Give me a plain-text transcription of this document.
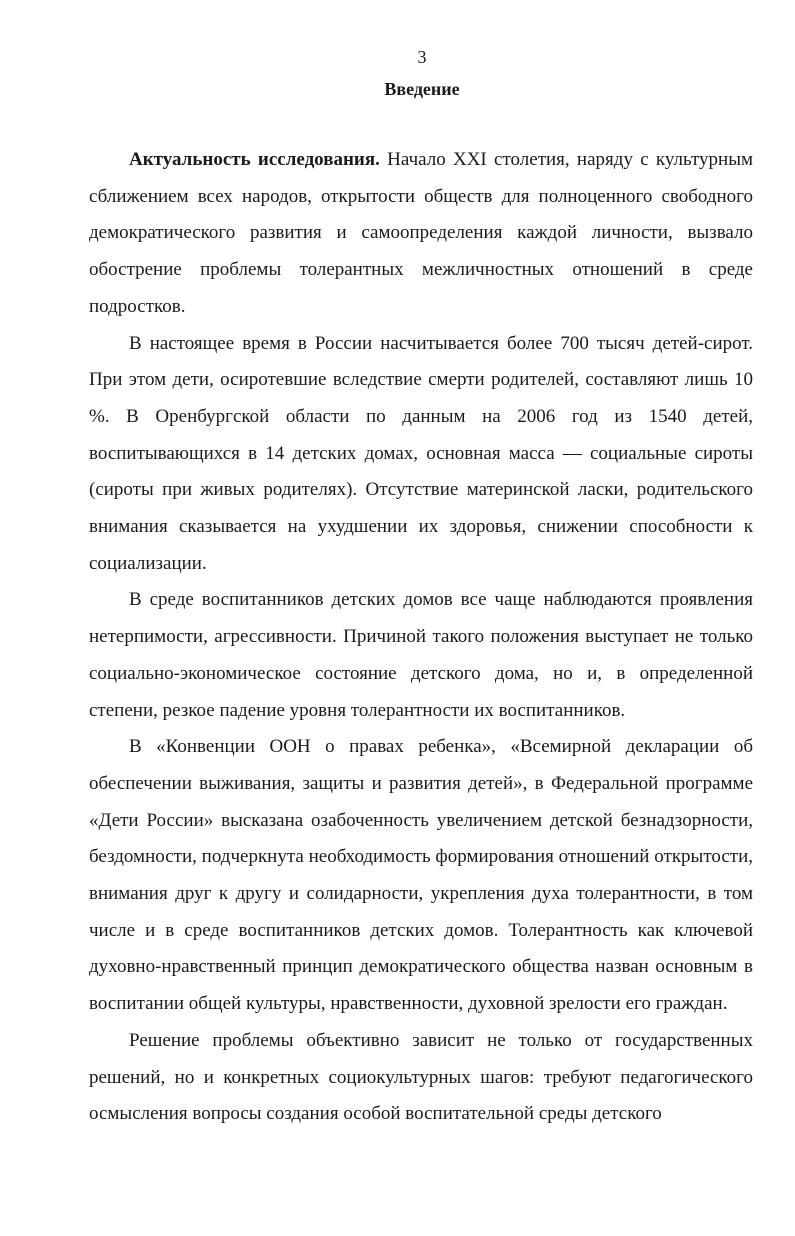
3
Введение

Актуальность исследования. Начало XXI столетия, наряду с культурным сближением всех народов, открытости обществ для полноценного свободного демократического развития и самоопределения каждой личности, вызвало обострение проблемы толерантных межличностных отношений в среде подростков.

В настоящее время в России насчитывается более 700 тысяч детей-сирот. При этом дети, осиротевшие вследствие смерти родителей, составляют лишь 10 %. В Оренбургской области по данным на 2006 год из 1540 детей, воспитывающихся в 14 детских домах, основная масса — социальные сироты (сироты при живых родителях). Отсутствие материнской ласки, родительского внимания сказывается на ухудшении их здоровья, снижении способности к социализации.

В среде воспитанников детских домов все чаще наблюдаются проявления нетерпимости, агрессивности. Причиной такого положения выступает не только социально-экономическое состояние детского дома, но и, в определенной степени, резкое падение уровня толерантности их воспитанников.

В «Конвенции ООН о правах ребенка», «Всемирной декларации об обеспечении выживания, защиты и развития детей», в Федеральной программе «Дети России» высказана озабоченность увеличением детской безнадзорности, бездомности, подчеркнута необходимость формирования отношений открытости, внимания друг к другу и солидарности, укрепления духа толерантности, в том числе и в среде воспитанников детских домов. Толерантность как ключевой духовно-нравственный принцип демократического общества назван основным в воспитании общей культуры, нравственности, духовной зрелости его граждан.

Решение проблемы объективно зависит не только от государственных решений, но и конкретных социокультурных шагов: требуют педагогического осмысления вопросы создания особой воспитательной среды детского
